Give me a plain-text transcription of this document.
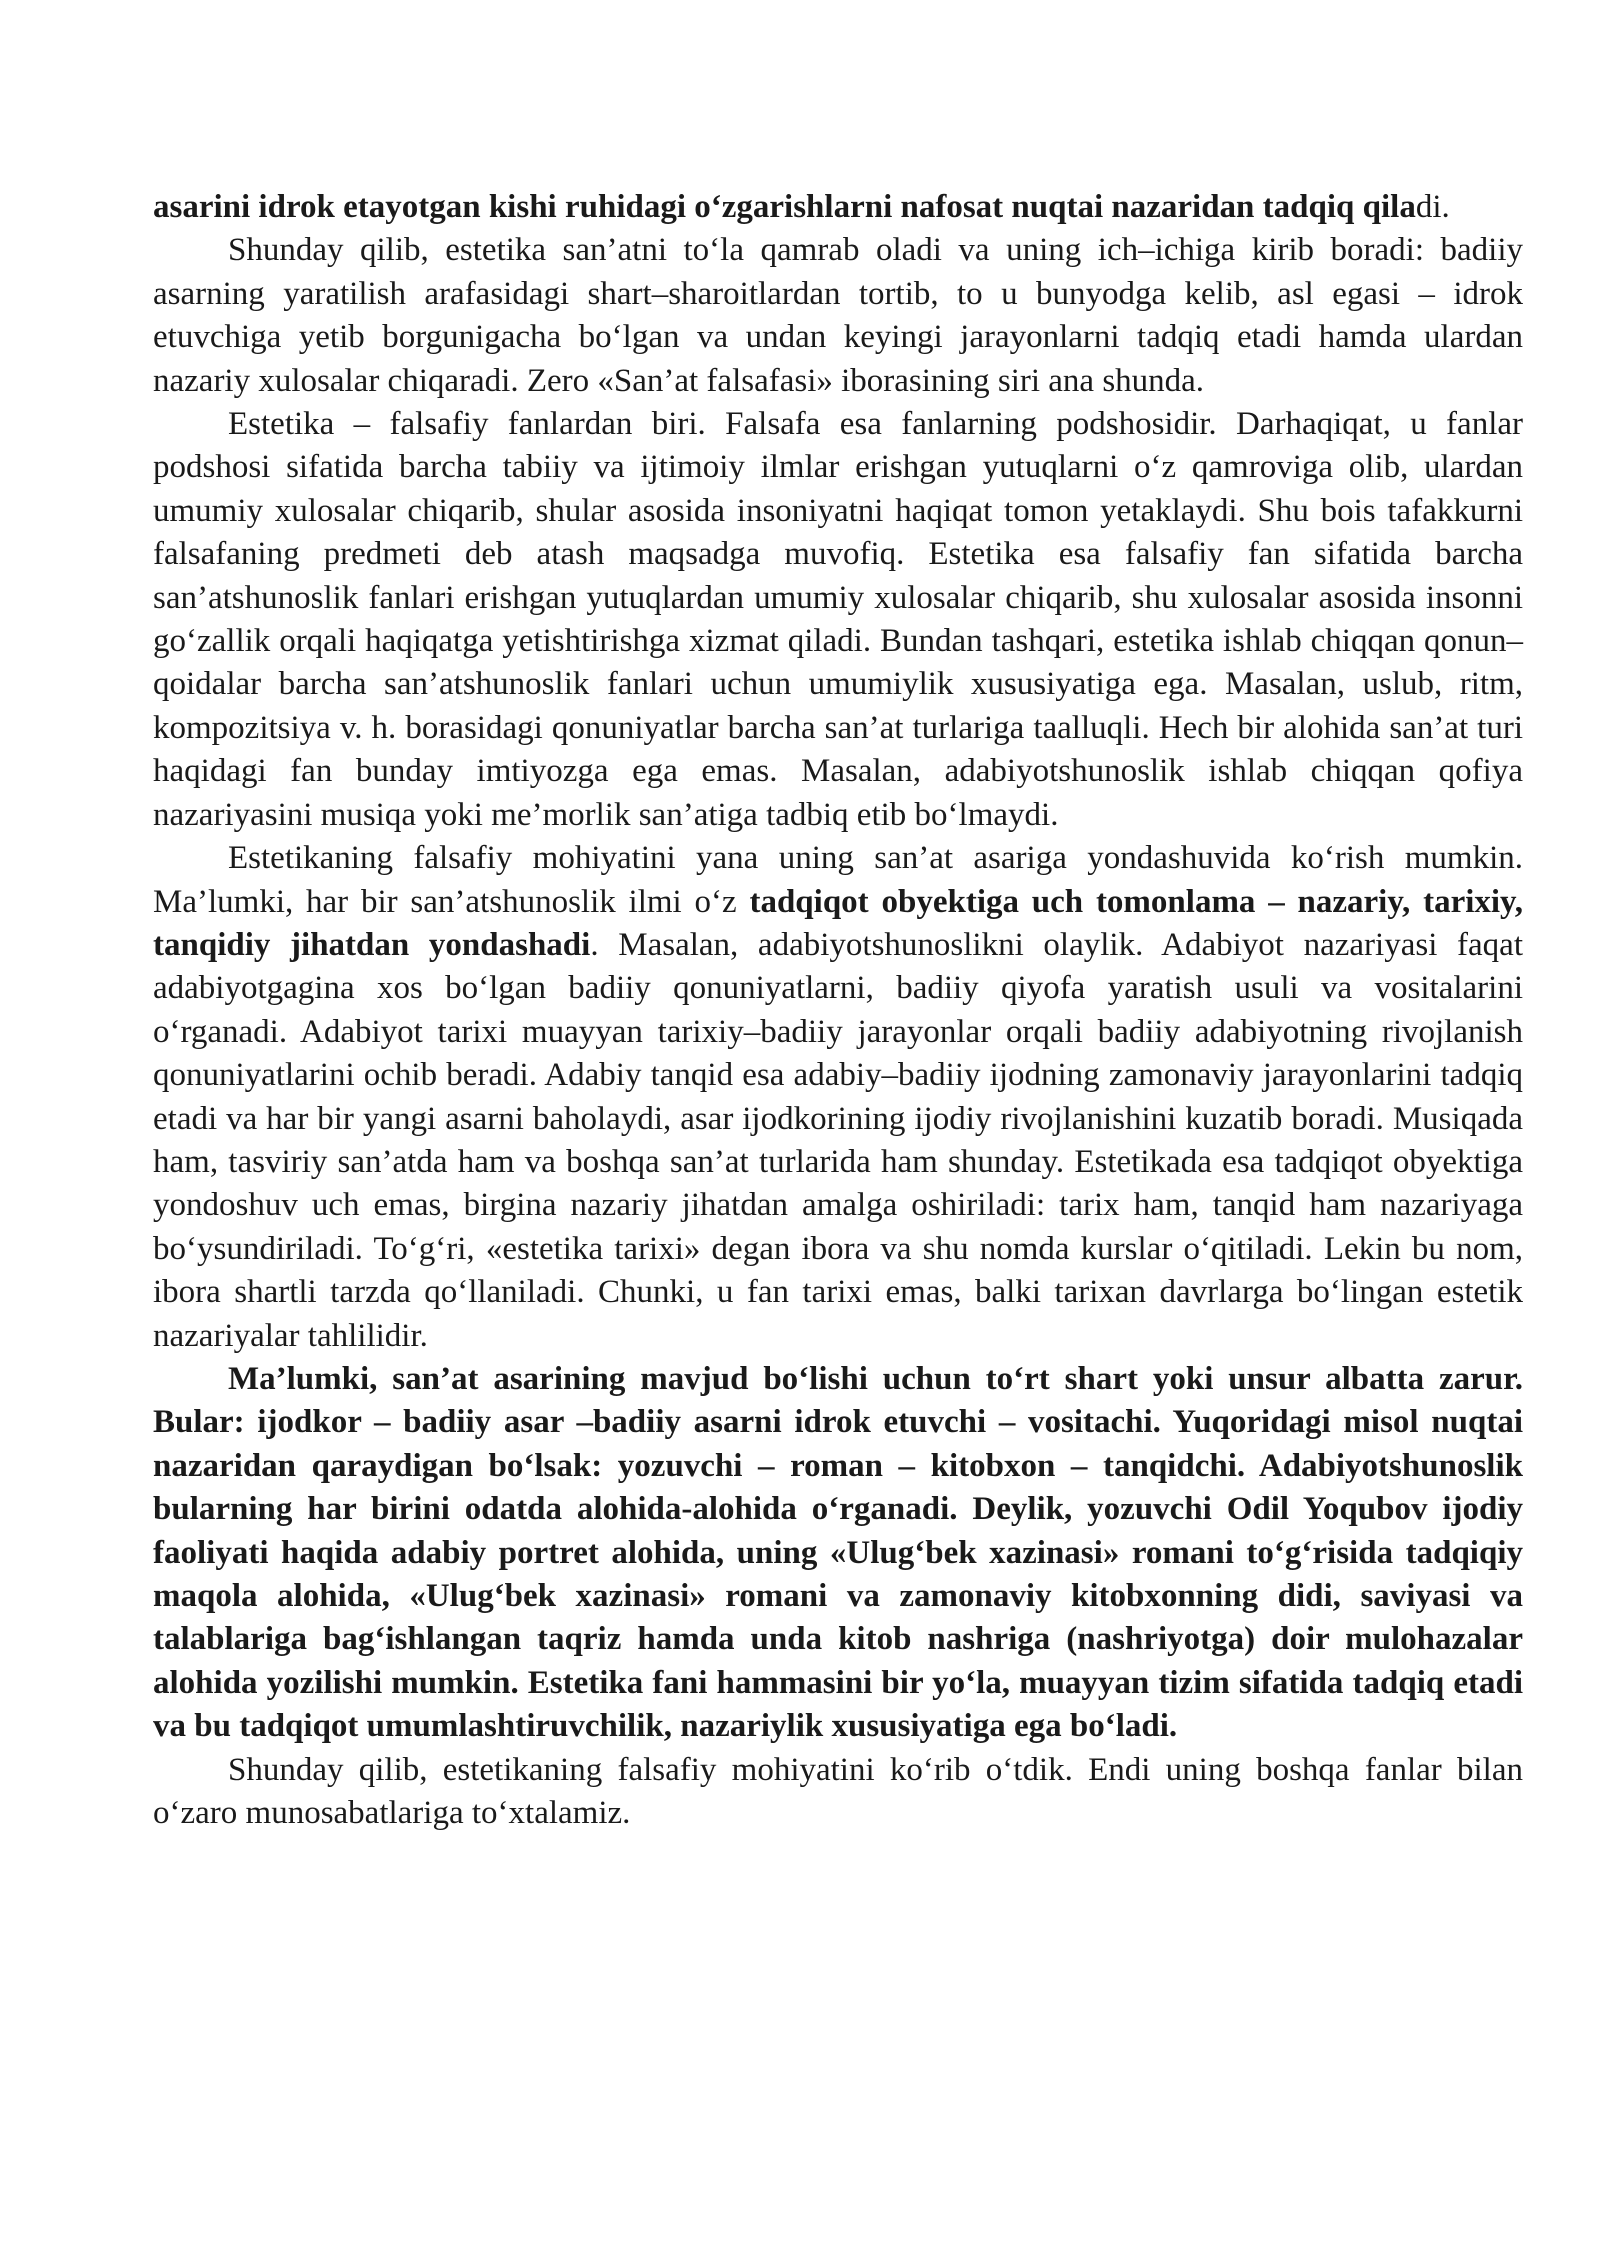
asarini idrok etayotgan kishi ruhidagi o‘zgarishlarni nafosat nuqtai nazaridan tadqiq qiladi.

Shunday qilib, estetika san’atni to‘la qamrab oladi va uning ich–ichiga kirib boradi: badiiy asarning yaratilish arafasidagi shart–sharoitlardan tortib, to u bunyodga kelib, asl egasi – idrok etuvchiga yetib borgunigacha bo‘lgan va undan keyingi jarayonlarni tadqiq etadi hamda ulardan nazariy xulosalar chiqaradi. Zero «San’at falsafasi» iborasining siri ana shunda.

Estetika – falsafiy fanlardan biri. Falsafa esa fanlarning podshosidir. Darhaqiqat, u fanlar podshosi sifatida barcha tabiiy va ijtimoiy ilmlar erishgan yutuqlarni o‘z qamroviga olib, ulardan umumiy xulosalar chiqarib, shular asosida insoniyatni haqiqat tomon yetaklaydi. Shu bois tafakkurni falsafaning predmeti deb atash maqsadga muvofiq. Estetika esa falsafiy fan sifatida barcha san’atshunoslik fanlari erishgan yutuqlardan umumiy xulosalar chiqarib, shu xulosalar asosida insonni go‘zallik orqali haqiqatga yetishtirishga xizmat qiladi. Bundan tashqari, estetika ishlab chiqqan qonun–qoidalar barcha san’atshunoslik fanlari uchun umumiylik xususiyatiga ega. Masalan, uslub, ritm, kompozitsiya v. h. borasidagi qonuniyatlar barcha san’at turlariga taalluqli. Hech bir alohida san’at turi haqidagi fan bunday imtiyozga ega emas. Masalan, adabiyotshunoslik ishlab chiqqan qofiya nazariyasini musiqa yoki me’morlik san’atiga tadbiq etib bo‘lmaydi.

Estetikaning falsafiy mohiyatini yana uning san’at asariga yondashuvida ko‘rish mumkin. Ma’lumki, har bir san’atshunoslik ilmi o‘z tadqiqot obyektiga uch tomonlama – nazariy, tarixiy, tanqidiy jihatdan yondashadi. Masalan, adabiyotshunoslikni olaylik. Adabiyot nazariyasi faqat adabiyotgagina xos bo‘lgan badiiy qonuniyatlarni, badiiy qiyofa yaratish usuli va vositalarini o‘rganadi. Adabiyot tarixi muayyan tarixiy–badiiy jarayonlar orqali badiiy adabiyotning rivojlanish qonuniyatlarini ochib beradi. Adabiy tanqid esa adabiy–badiiy ijodning zamonaviy jarayonlarini tadqiq etadi va har bir yangi asarni baholaydi, asar ijodkorining ijodiy rivojlanishini kuzatib boradi. Musiqada ham, tasviriy san’atda ham va boshqa san’at turlarida ham shunday. Estetikada esa tadqiqot obyektiga yondoshuv uch emas, birgina nazariy jihatdan amalga oshiriladi: tarix ham, tanqid ham nazariyaga bo‘ysundiriladi. To‘g‘ri, «estetika tarixi» degan ibora va shu nomda kurslar o‘qitiladi. Lekin bu nom, ibora shartli tarzda qo‘llaniladi. Chunki, u fan tarixi emas, balki tarixan davrlarga bo‘lingan estetik nazariyalar tahlilidir.

Ma’lumki, san’at asarining mavjud bo‘lishi uchun to‘rt shart yoki unsur albatta zarur. Bular: ijodkor – badiiy asar –badiiy asarni idrok etuvchi – vositachi. Yuqoridagi misol nuqtai nazaridan qaraydigan bo‘lsak: yozuvchi – roman – kitobxon – tanqidchi. Adabiyotshunoslik bularning har birini odatda alohida-alohida o‘rganadi. Deylik, yozuvchi Odil Yoqubov ijodiy faoliyati haqida adabiy portret alohida, uning «Ulug‘bek xazinasi» romani to‘g‘risida tadqiqiy maqola alohida, «Ulug‘bek xazinasi» romani va zamonaviy kitobxonning didi, saviyasi va talablariga bag‘ishlangan taqriz hamda unda kitob nashriga (nashriyotga) doir mulohazalar alohida yozilishi mumkin. Estetika fani hammasini bir yo‘la, muayyan tizim sifatida tadqiq etadi va bu tadqiqot umumlashtiruvchilik, nazariylik xususiyatiga ega bo‘ladi.

Shunday qilib, estetikaning falsafiy mohiyatini ko‘rib o‘tdik. Endi uning boshqa fanlar bilan o‘zaro munosabatlariga to‘xtalamiz.
